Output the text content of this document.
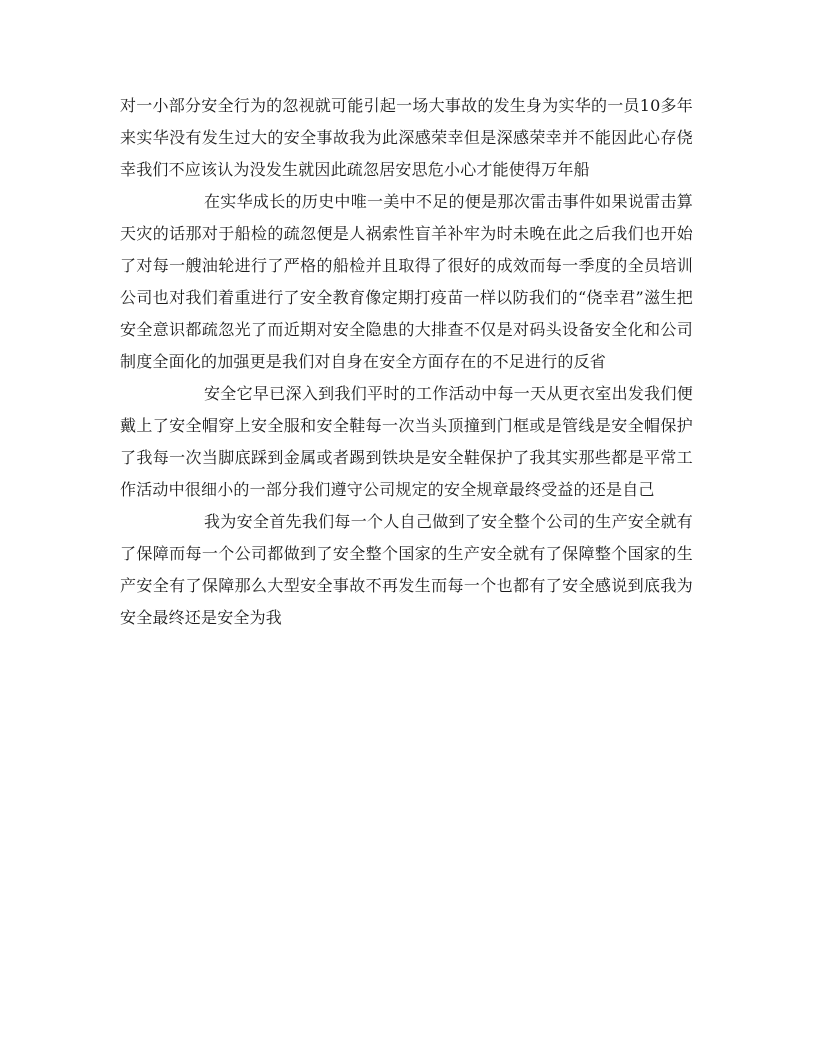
对一小部分安全行为的忽视就可能引起一场大事故的发生身为实华的一员10多年来实华没有发生过大的安全事故我为此深感荣幸但是深感荣幸并不能因此心存侥幸我们不应该认为没发生就因此疏忽居安思危小心才能使得万年船

在实华成长的历史中唯一美中不足的便是那次雷击事件如果说雷击算天灾的话那对于船检的疏忽便是人祸索性盲羊补牢为时未晚在此之后我们也开始了对每一艘油轮进行了严格的船检并且取得了很好的成效而每一季度的全员培训公司也对我们着重进行了安全教育像定期打疫苗一样以防我们的“侥幸君”滋生把安全意识都疏忽光了而近期对安全隐患的大排查不仅是对码头设备安全化和公司制度全面化的加强更是我们对自身在安全方面存在的不足进行的反省

安全它早已深入到我们平时的工作活动中每一天从更衣室出发我们便戴上了安全帽穿上安全服和安全鞋每一次当头顶撞到门框或是管线是安全帽保护了我每一次当脚底踩到金属或者踢到铁块是安全鞋保护了我其实那些都是平常工作活动中很细小的一部分我们遵守公司规定的安全规章最终受益的还是自己

我为安全首先我们每一个人自己做到了安全整个公司的生产安全就有了保障而每一个公司都做到了安全整个国家的生产安全就有了保障整个国家的生产安全有了保障那么大型安全事故不再发生而每一个也都有了安全感说到底我为安全最终还是安全为我
